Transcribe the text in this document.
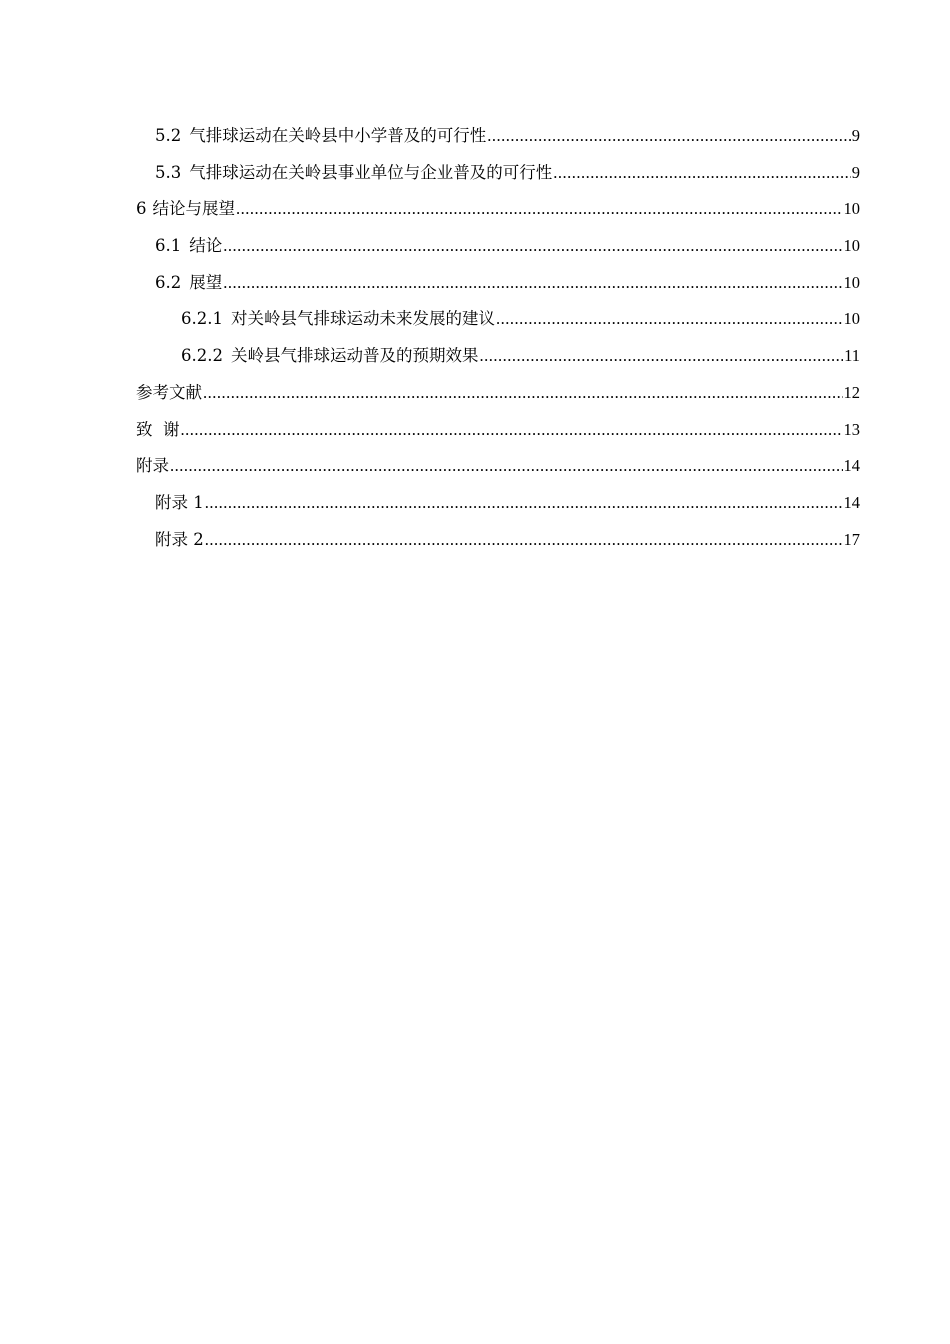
5.2 气排球运动在关岭县中小学普及的可行性 .....	9
5.3 气排球运动在关岭县事业单位与企业普及的可行性 .....	9
6 结论与展望 .....	10
6.1 结论 .....	10
6.2 展望 .....	10
6.2.1 对关岭县气排球运动未来发展的建议 .....	10
6.2.2 关岭县气排球运动普及的预期效果 .....	11
参考文献 .....	12
致  谢 .....	13
附录 .....	14
附录 1 .....	14
附录 2 .....	17
